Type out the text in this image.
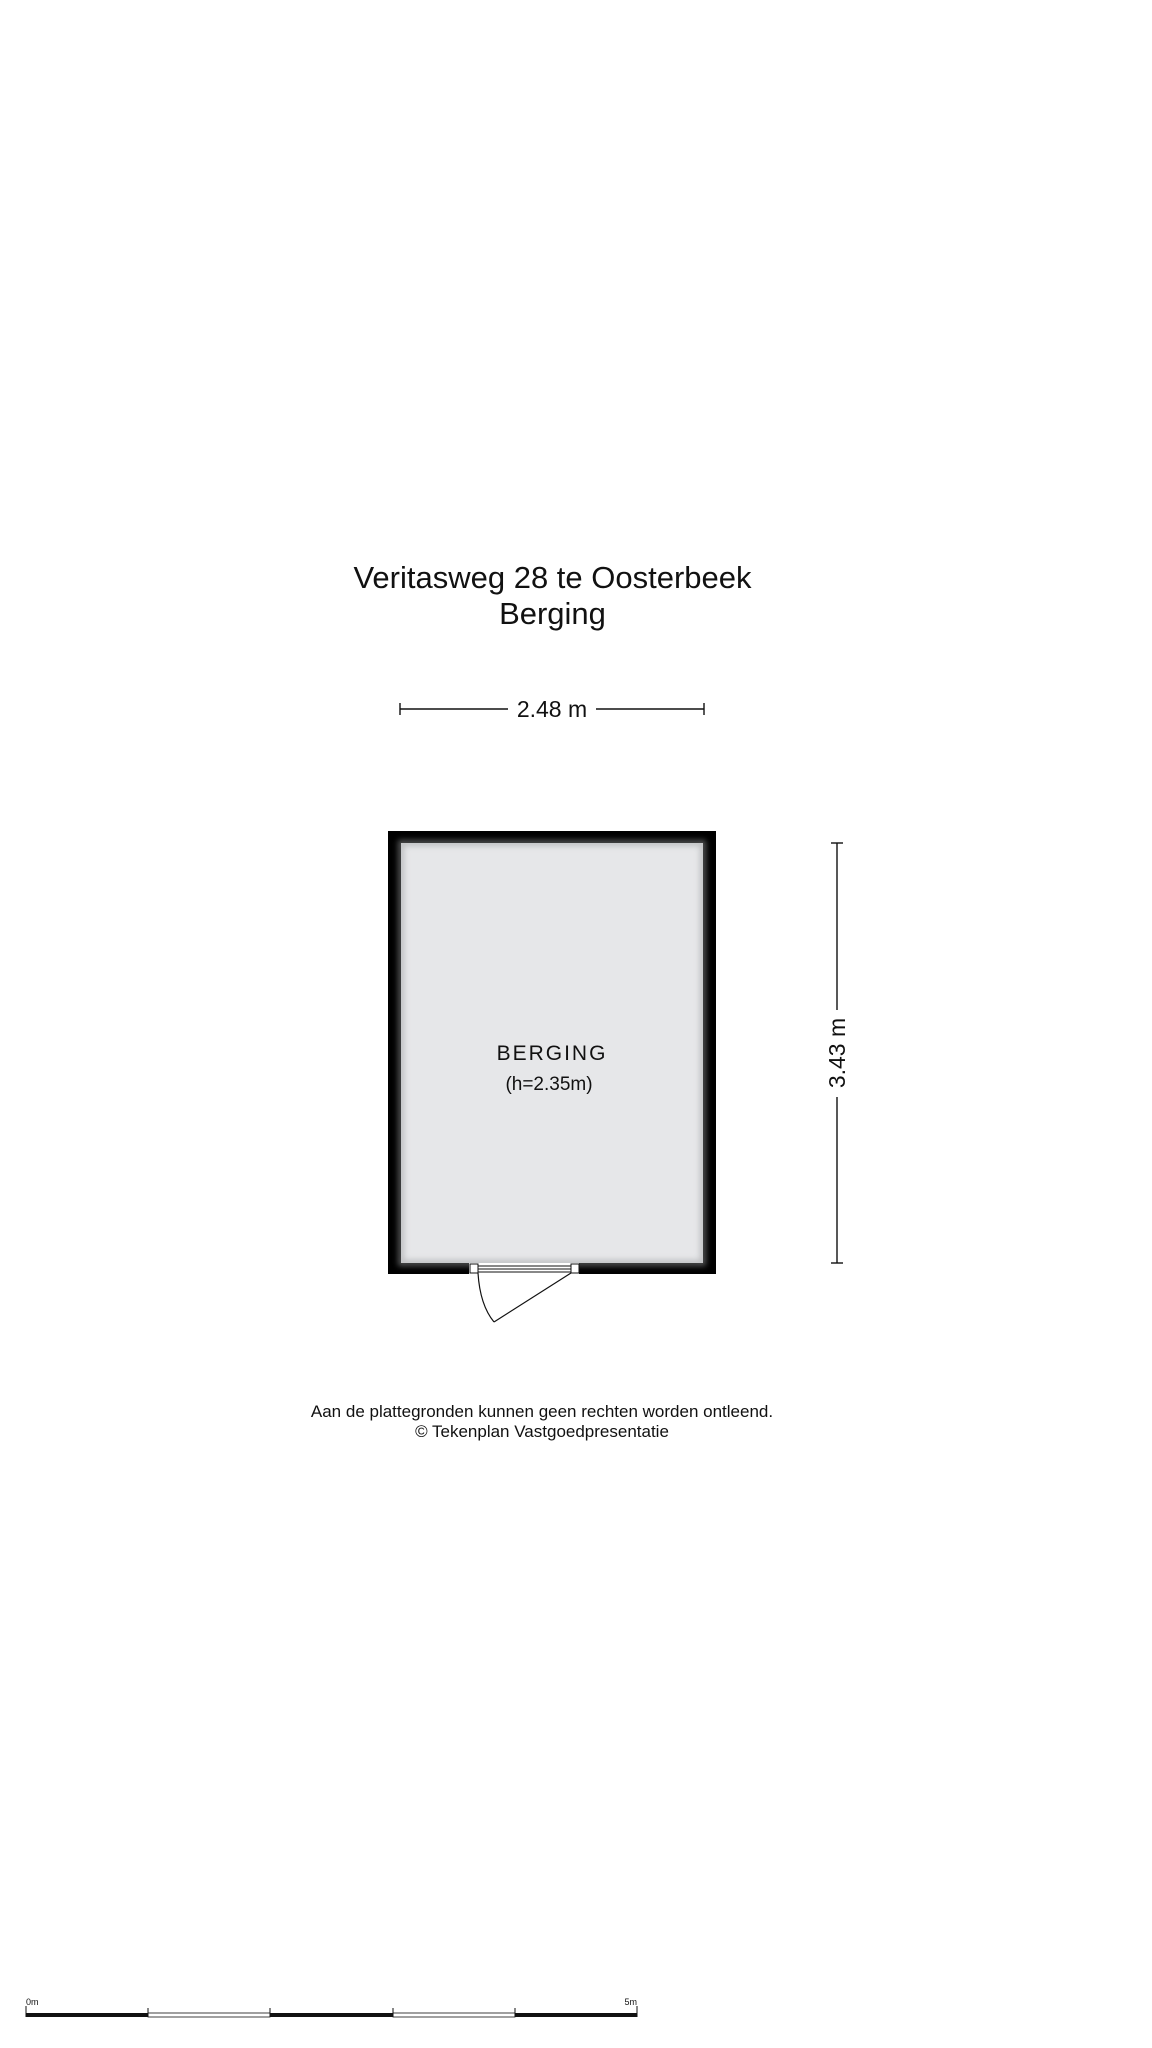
Veritasweg 28 te Oosterbeek
Berging
2.48 m
3.43 m
BERGING
(h=2.35m)
0m	5m
Aan de plattegronden kunnen geen rechten worden ontleend.
© Tekenplan Vastgoedpresentatie
